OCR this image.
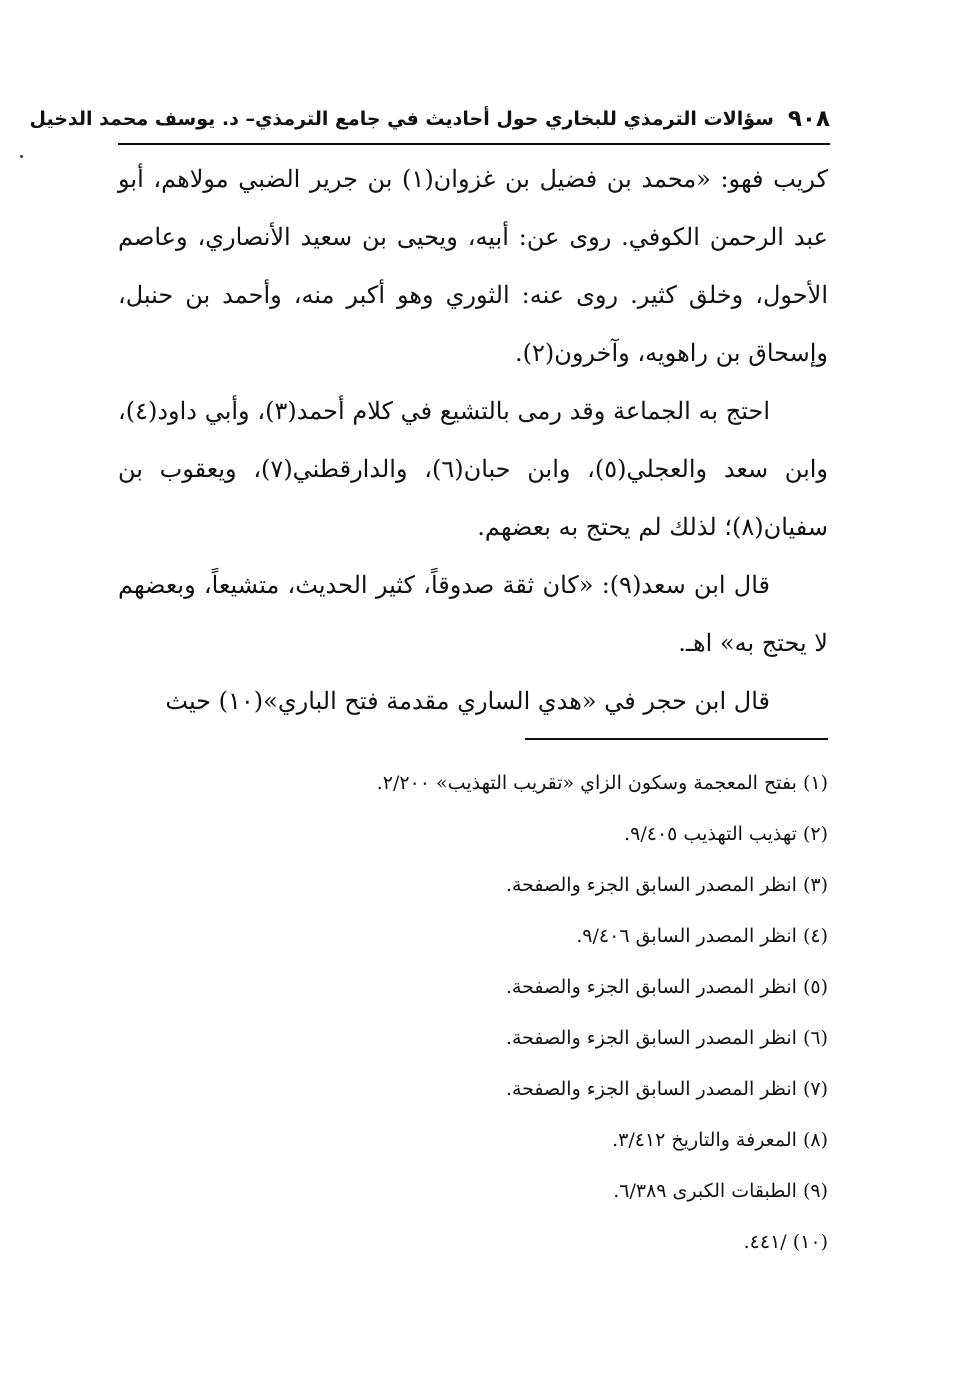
٩٠٨
سؤالات الترمذي للبخاري حول أحاديث في جامع الترمذي– د. يوسف محمد الدخيل

كريب فهو: «محمد بن فضيل بن غزوان(١) بن جرير الضبي مولاهم، أبو عبد الرحمن الكوفي. روى عن: أبيه، ويحيى بن سعيد الأنصاري، وعاصم الأحول، وخلق كثير. روى عنه: الثوري وهو أكبر منه، وأحمد بن حنبل، وإسحاق بن راهويه، وآخرون(٢).

احتج به الجماعة وقد رمى بالتشيع في كلام أحمد(٣)، وأبي داود(٤)، وابن سعد والعجلي(٥)، وابن حبان(٦)، والدارقطني(٧)، ويعقوب بن سفيان(٨)؛ لذلك لم يحتج به بعضهم.

قال ابن سعد(٩): «كان ثقة صدوقاً، كثير الحديث، متشيعاً، وبعضهم لا يحتج به» اهـ.

قال ابن حجر في «هدي الساري مقدمة فتح الباري»(١٠) حيث

(١) بفتح المعجمة وسكون الزاي «تقريب التهذيب» ٢/٢٠٠.
(٢) تهذيب التهذيب ٩/٤٠٥.
(٣) انظر المصدر السابق الجزء والصفحة.
(٤) انظر المصدر السابق ٩/٤٠٦.
(٥) انظر المصدر السابق الجزء والصفحة.
(٦) انظر المصدر السابق الجزء والصفحة.
(٧) انظر المصدر السابق الجزء والصفحة.
(٨) المعرفة والتاريخ ٣/٤١٢.
(٩) الطبقات الكبرى ٦/٣٨٩.
(١٠) /٤٤١.
